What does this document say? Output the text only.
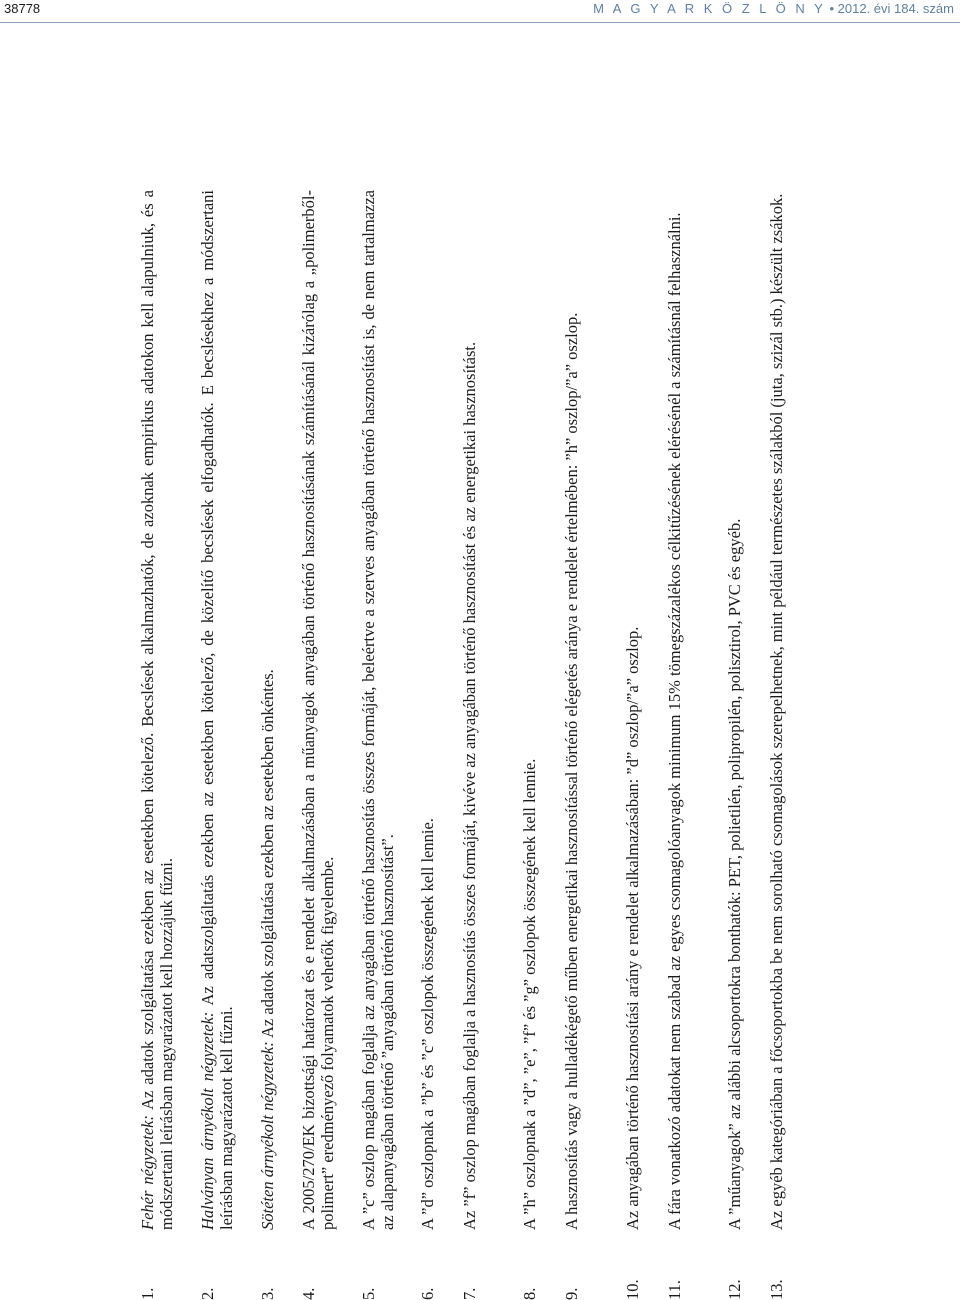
38778	M A G Y A R K Ö Z L Ö N Y • 2012. évi 184. szám
1.
Fehér négyzetek: Az adatok szolgáltatása ezekben az esetekben kötelező. Becslések alkalmazhatók, de azoknak empirikus adatokon kell alapulniuk, és a módszertani leírásban magyarázatot kell hozzájuk fűzni.
2.
Halványan árnyékolt négyzetek: Az adatszolgáltatás ezekben az esetekben kötelező, de közelítő becslések elfogadhatók. E becslésekhez a módszertani leírásban magyarázatot kell fűzni.
3.
Sötéten árnyékolt négyzetek: Az adatok szolgáltatása ezekben az esetekben önkéntes.
4.
A 2005/270/EK bizottsági határozat és e rendelet alkalmazásában a műanyagok anyagában történő hasznosításának számításánál kizárólag a „polimerből-polimert” eredményező folyamatok vehetők figyelembe.
5.
A ”c” oszlop magában foglalja az anyagában történő hasznosítás összes formáját, beleértve a szerves anyagában történő hasznosítást is, de nem tartalmazza az alapanyagában történő ”anyagában történő hasznosítást”.
6.
A ”d” oszlopnak a ”b” és ”c” oszlopok összegének kell lennie.
7.
Az ”f” oszlop magában foglalja a hasznosítás összes formáját, kivéve az anyagában történő hasznosítást és az energetikai hasznosítást.
8.
A ”h” oszlopnak a ”d”, ”e”, ”f” és ”g” oszlopok összegének kell lennie.
9.
A hasznosítás vagy a hulladékégető műben energetikai hasznosítással történő elégetés aránya e rendelet értelmében: ”h” oszlop/”a” oszlop.
10.
Az anyagában történő hasznosítási arány e rendelet alkalmazásában: ”d” oszlop/”a” oszlop.
11.
A fára vonatkozó adatokat nem szabad az egyes csomagolóanyagok minimum 15% tömegszázalékos célkitűzésének elérésénél a számításnál felhasználni.
12.
A ”műanyagok” az alábbi alcsoportokra bonthatók: PET, polietilén, polipropilén, polisztirol, PVC és egyéb.
13.
Az egyéb kategóriában a főcsoportokba be nem sorolható csomagolások szerepelhetnek, mint például természetes szálakból (juta, szizál stb.) készült zsákok.
